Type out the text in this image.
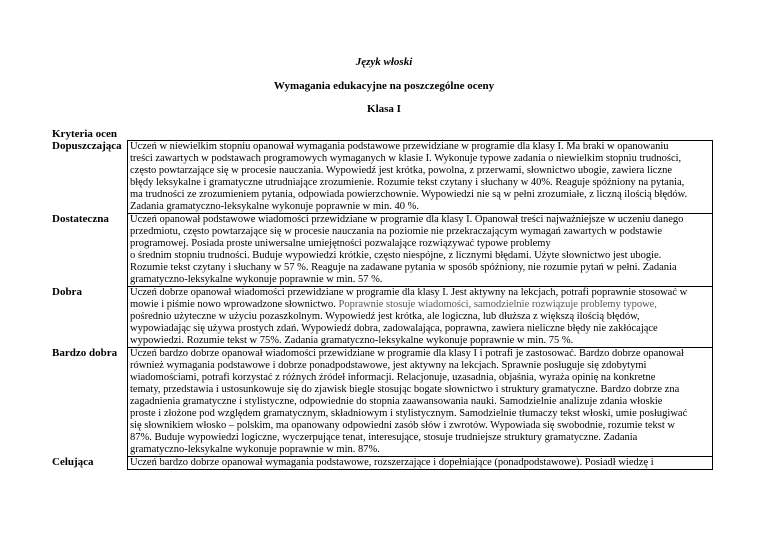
Język włoski
Wymagania edukacyjne na poszczególne oceny
Klasa I
Kryteria ocen
Dopuszczająca Uczeń w niewielkim stopniu opanował wymagania podstawowe przewidziane w programie dla klasy I. Ma braki w opanowaniu
treści zawartych w podstawach programowych wymaganych w klasie I. Wykonuje typowe zadania o niewielkim stopniu trudności,
często powtarzające się w procesie nauczania. Wypowiedź jest krótka, powolna, z przerwami, słownictwo ubogie, zawiera liczne
błędy leksykalne i gramatyczne utrudniające zrozumienie. Rozumie tekst czytany i słuchany w 40%. Reaguje spóźniony na pytania,
ma trudności ze zrozumieniem pytania, odpowiada powierzchownie. Wypowiedzi nie są w pełni zrozumiałe, z liczną ilością błędów.
Zadania gramatyczno-leksykalne wykonuje poprawnie w min. 40 %.
Dostateczna	Uczeń opanował podstawowe wiadomości przewidziane w programie dla klasy I. Opanował treści najważniejsze w uczeniu danego
przedmiotu, często powtarzające się w procesie nauczania na poziomie nie przekraczającym wymagań zawartych w podstawie
programowej. Posiada proste uniwersalne umiejętności pozwalające rozwiązywać typowe problemy
o średnim stopniu trudności. Buduje wypowiedzi krótkie, często niespójne, z licznymi błędami. Użyte słownictwo jest ubogie.
Rozumie tekst czytany i słuchany w 57 %. Reaguje na zadawane pytania w sposób spóźniony, nie rozumie pytań w pełni. Zadania
gramatyczno-leksykalne wykonuje poprawnie w min. 57 %.
Dobra	Uczeń dobrze opanował wiadomości przewidziane w programie dla klasy I. Jest aktywny na lekcjach, potrafi poprawnie stosować w
mowie i piśmie nowo wprowadzone słownictwo. Poprawnie stosuje wiadomości, samodzielnie rozwiązuje problemy typowe,
pośrednio użyteczne w użyciu pozaszkolnym. Wypowiedź jest krótka, ale logiczna, lub dłuższa z większą ilością błędów,
wypowiadając się używa prostych zdań. Wypowiedź dobra, zadowalająca, poprawna, zawiera nieliczne błędy nie zakłócające
wypowiedzi. Rozumie tekst w 75%. Zadania gramatyczno-leksykalne wykonuje poprawnie w min. 75 %.
Bardzo dobra	Uczeń bardzo dobrze opanował wiadomości przewidziane w programie dla klasy I i potrafi je zastosować. Bardzo dobrze opanował
również wymagania podstawowe i dobrze ponadpodstawowe, jest aktywny na lekcjach. Sprawnie posługuje się zdobytymi
wiadomościami, potrafi korzystać z różnych źródeł informacji. Relacjonuje, uzasadnia, objaśnia, wyraża opinię na konkretne
tematy, przedstawia i ustosunkowuje się do zjawisk biegle stosując bogate słownictwo i struktury gramatyczne. Bardzo dobrze zna
zagadnienia gramatyczne i stylistyczne, odpowiednie do stopnia zaawansowania nauki. Samodzielnie analizuje zdania włoskie
proste i złożone pod względem gramatycznym, składniowym i stylistycznym. Samodzielnie tłumaczy tekst włoski, umie posługiwać
się słownikiem włosko – polskim, ma opanowany odpowiedni zasób słów i zwrotów. Wypowiada się swobodnie, rozumie tekst w
87%. Buduje wypowiedzi logiczne, wyczerpujące tenat, interesujące, stosuje trudniejsze struktury gramatyczne. Zadania
gramatyczno-leksykalne wykonuje poprawnie w min. 87%.
Celująca	Uczeń bardzo dobrze opanował wymagania podstawowe, rozszerzające i dopełniające (ponadpodstawowe). Posiadł wiedzę i
